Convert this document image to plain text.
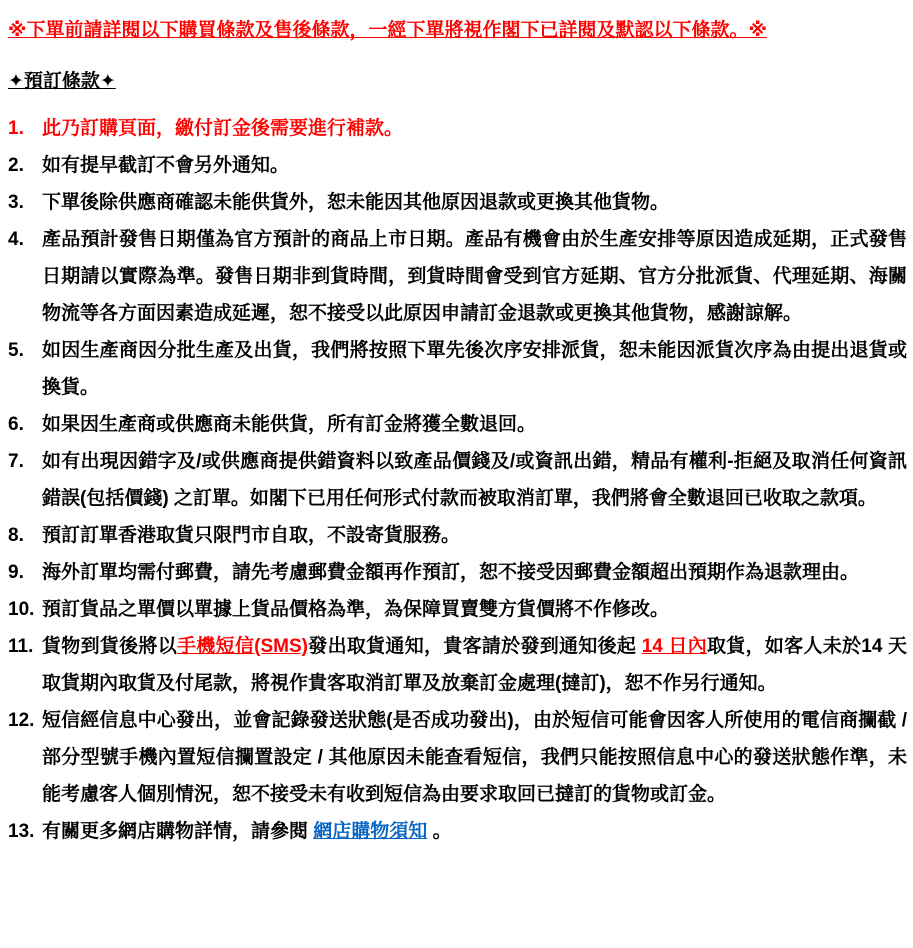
※下單前請詳閱以下購買條款及售後條款，一經下單將視作閣下已詳閱及默認以下條款。※
✦預訂條款✦
1. 此乃訂購頁面，繳付訂金後需要進行補款。
2. 如有提早截訂不會另外通知。
3. 下單後除供應商確認未能供貨外，恕未能因其他原因退款或更換其他貨物。
4. 產品預計發售日期僅為官方預計的商品上市日期。產品有機會由於生產安排等原因造成延期，正式發售日期請以實際為準。發售日期非到貨時間，到貨時間會受到官方延期、官方分批派貨、代理延期、海關物流等各方面因素造成延遲，恕不接受以此原因申請訂金退款或更換其他貨物，感謝諒解。
5. 如因生產商因分批生產及出貨，我們將按照下單先後次序安排派貨，恕未能因派貨次序為由提出退貨或換貨。
6. 如果因生產商或供應商未能供貨，所有訂金將獲全數退回。
7. 如有出現因錯字及/或供應商提供錯資料以致產品價錢及/或資訊出錯，精品有權利-拒絕及取消任何資訊錯誤(包括價錢) 之訂單。如閣下已用任何形式付款而被取消訂單，我們將會全數退回已收取之款項。
8. 預訂訂單香港取貨只限門市自取，不設寄貨服務。
9. 海外訂單均需付郵費，請先考慮郵費金額再作預訂，恕不接受因郵費金額超出預期作為退款理由。
10. 預訂貨品之單價以單據上貨品價格為準，為保障買賣雙方貨價將不作修改。
11. 貨物到貨後將以手機短信(SMS)發出取貨通知，貴客請於發到通知後起 14 日內取貨，如客人未於14 天取貨期內取貨及付尾款，將視作貴客取消訂單及放棄訂金處理(撻訂)，恕不作另行通知。
12. 短信經信息中心發出，並會記錄發送狀態(是否成功發出)，由於短信可能會因客人所使用的電信商攔截 / 部分型號手機內置短信攔置設定 / 其他原因未能查看短信，我們只能按照信息中心的發送狀態作準，未能考慮客人個別情況，恕不接受未有收到短信為由要求取回已撻訂的貨物或訂金。
13. 有關更多網店購物詳情，請參閱 網店購物須知 。
